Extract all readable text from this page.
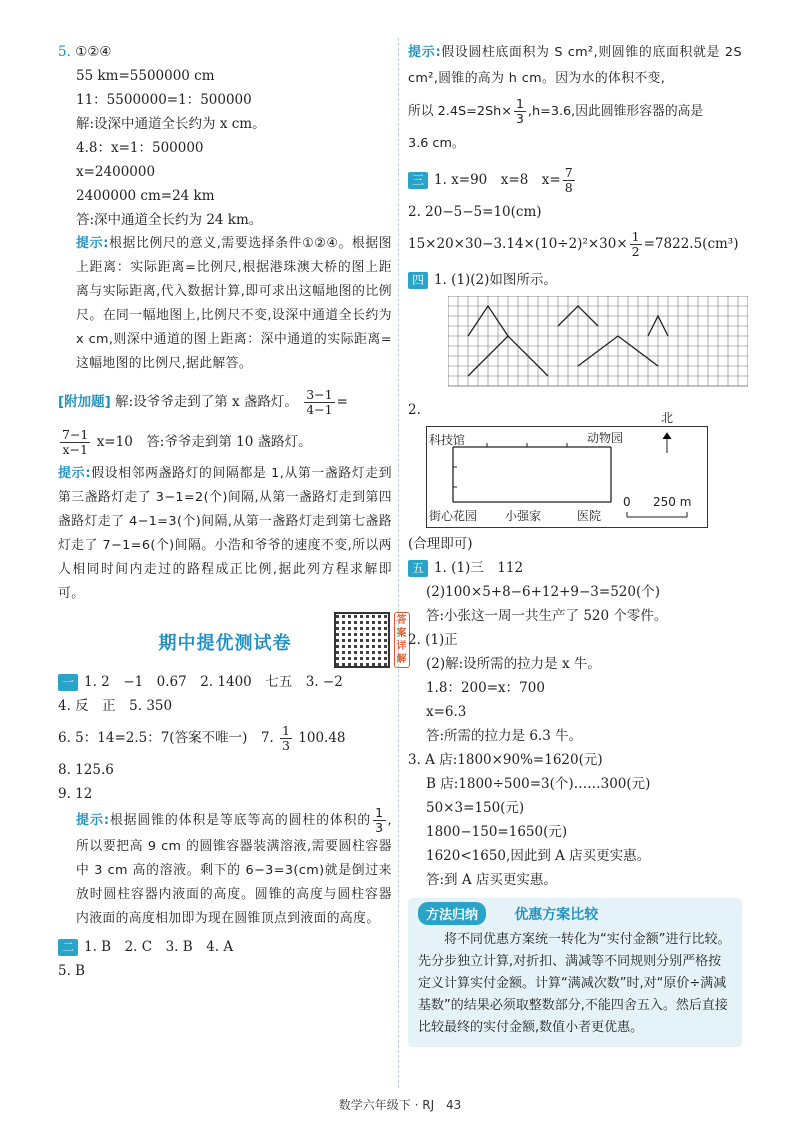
5. ①②④
55 km=5500000 cm
11：5500000=1：500000
解:设深中通道全长约为 x cm。
4.8：x=1：500000
x=2400000
2400000 cm=24 km
答:深中通道全长约为 24 km。
提示:根据比例尺的意义,需要选择条件①②④。根据图上距离：实际距离=比例尺,根据港珠澳大桥的图上距离与实际距离,代入数据计算,即可求出这幅地图的比例尺。在同一幅地图上,比例尺不变,设深中通道全长约为 x cm,则深中通道的图上距离：深中通道的实际距离=这幅地图的比例尺,据此解答。
[附加题] 解:设爷爷走到了第 x 盏路灯。 $\frac{3-1}{4-1}$ =
$\frac{7-1}{x-1} x=10$　答:爷爷走到第 10 盏路灯。
提示:假设相邻两盏路灯的间隔都是 1,从第一盏路灯走到第三盏路灯走了 3−1=2(个)间隔,从第一盏路灯走到第四盏路灯走了 4−1=3(个)间隔,从第一盏路灯走到第七盏路灯走了 7−1=6(个)间隔。小浩和爷爷的速度不变,所以两人相同时间内走过的路程成正比例,据此列方程求解即可。
期中提优测试卷
答案详解
一 1. 2　−1　0.67　2. 1400　七五　3. −2
4. 反　正　5. 350
6. 5：14=2.5：7(答案不唯一)　7. $\frac{1}{3} 100.48$
8. 125.6
9. 12
提示:根据圆锥的体积是等底等高的圆柱的体积的 $\frac{1}{3}$ ,所以要把高 9 cm 的圆锥容器装满溶液,需要圆柱容器中 3 cm 高的溶液。剩下的 6−3=3(cm)就是倒过来放时圆柱容器内液面的高度。圆锥的高度与圆柱容器内液面的高度相加即为现在圆锥顶点到液面的高度。
二 1. B　2. C　3. B　4. A
5. B
提示:假设圆柱底面积为 S cm²,则圆锥的底面积就是 2S cm²,圆锥的高为 h cm。因为水的体积不变,
所以 $2.4S=2Sh\times \frac{1}{3} ,h=3.6$,因此圆锥形容器的高是
3.6 cm。
三 1. x=90　x=8　$x= \frac{7}{8}$
2. 20−5−5=10(cm)
$15\times 20\times 30-3.14\times(10\div 2)^2\times 30\times \frac{1}{2} =7822.5(cm^3)$
四 1. (1)(2)如图所示。
2.
科技馆	动物园
北
街心花园 小强家	医院
0 250 m
(合理即可)
五 1. (1)三　112
(2)100×5+8−6+12+9−3=520(个)
答:小张这一周一共生产了 520 个零件。
2. (1)正
(2)解:设所需的拉力是 x 牛。
1.8：200=x：700
x=6.3
答:所需的拉力是 6.3 牛。
3. A 店:1800×90%=1620(元)
B 店:1800÷500=3(个)……300(元)
50×3=150(元)
1800−150=1650(元)
1620<1650,因此到 A 店买更实惠。
答:到 A 店买更实惠。
方法归纳	优惠方案比较

将不同优惠方案统一转化为“实付金额”进行比较。先分步独立计算,对折扣、满减等不同规则分别严格按定义计算实付金额。计算“满减次数”时,对“原价÷满减基数”的结果必须取整数部分,不能四舍五入。然后直接比较最终的实付金额,数值小者更优惠。

数学六年级下 · RJ 43
